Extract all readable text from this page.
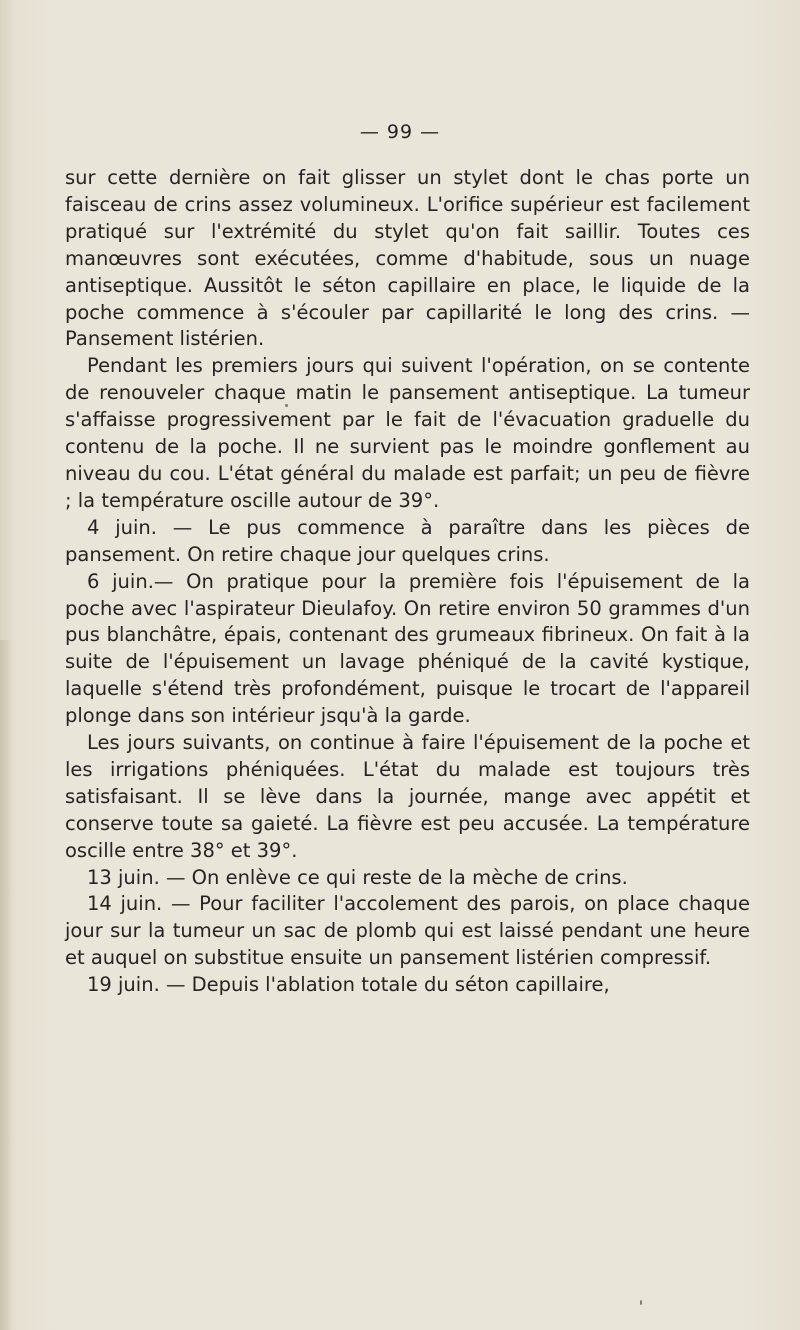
— 99 —

sur cette dernière on fait glisser un stylet dont le chas porte un faisceau de crins assez volumineux. L'orifice supérieur est facilement pratiqué sur l'extrémité du stylet qu'on fait saillir. Toutes ces manœuvres sont exécutées, comme d'habitude, sous un nuage antiseptique. Aussitôt le séton capillaire en place, le liquide de la poche commence à s'écouler par capillarité le long des crins. — Pansement listérien.

Pendant les premiers jours qui suivent l'opération, on se contente de renouveler chaque matin le pansement antiseptique. La tumeur s'affaisse progressivement par le fait de l'évacuation graduelle du contenu de la poche. Il ne survient pas le moindre gonflement au niveau du cou. L'état général du malade est parfait; un peu de fièvre ; la température oscille autour de 39°.

4 juin. — Le pus commence à paraître dans les pièces de pansement. On retire chaque jour quelques crins.

6 juin.— On pratique pour la première fois l'épuisement de la poche avec l'aspirateur Dieulafoy. On retire environ 50 grammes d'un pus blanchâtre, épais, contenant des grumeaux fibrineux. On fait à la suite de l'épuisement un lavage phéniqué de la cavité kystique, laquelle s'étend très profondément, puisque le trocart de l'appareil plonge dans son intérieur jsqu'à la garde.

Les jours suivants, on continue à faire l'épuisement de la poche et les irrigations phéniquées. L'état du malade est toujours très satisfaisant. Il se lève dans la journée, mange avec appétit et conserve toute sa gaieté. La fièvre est peu accusée. La température oscille entre 38° et 39°.

13 juin. — On enlève ce qui reste de la mèche de crins.

14 juin. — Pour faciliter l'accolement des parois, on place chaque jour sur la tumeur un sac de plomb qui est laissé pendant une heure et auquel on substitue ensuite un pansement listérien compressif.

19 juin. — Depuis l'ablation totale du séton capillaire,
